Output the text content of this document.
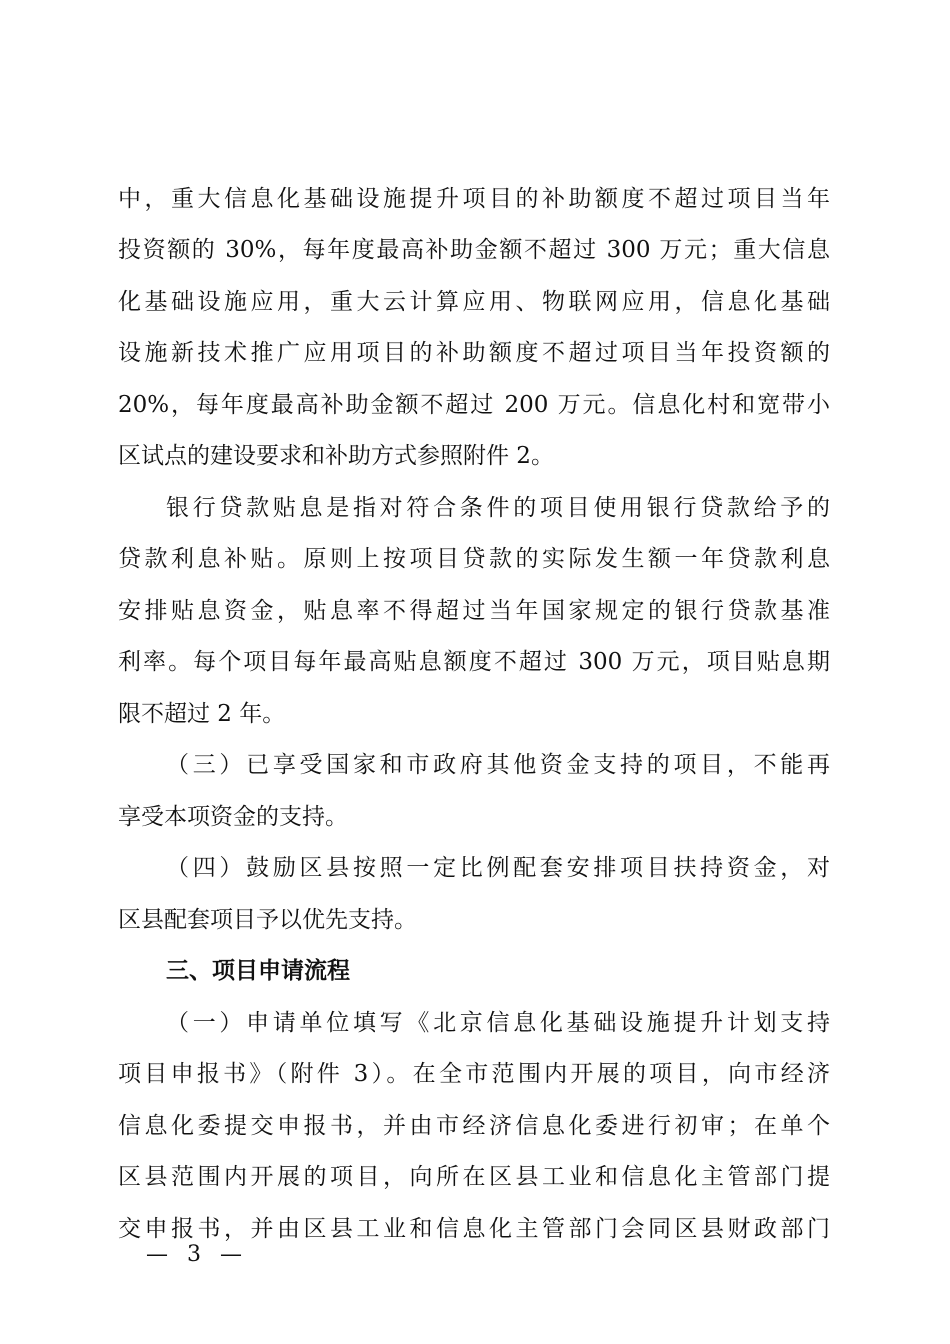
中，重大信息化基础设施提升项目的补助额度不超过项目当年
投资额的 30%，每年度最高补助金额不超过 300 万元；重大信息
化基础设施应用，重大云计算应用、物联网应用，信息化基础
设施新技术推广应用项目的补助额度不超过项目当年投资额的
20%，每年度最高补助金额不超过 200 万元。信息化村和宽带小
区试点的建设要求和补助方式参照附件 2。
银行贷款贴息是指对符合条件的项目使用银行贷款给予的
贷款利息补贴。原则上按项目贷款的实际发生额一年贷款利息
安排贴息资金，贴息率不得超过当年国家规定的银行贷款基准
利率。每个项目每年最高贴息额度不超过 300 万元，项目贴息期
限不超过 2 年。
（三）已享受国家和市政府其他资金支持的项目，不能再
享受本项资金的支持。
（四）鼓励区县按照一定比例配套安排项目扶持资金，对
区县配套项目予以优先支持。
三、项目申请流程
（一）申请单位填写《北京信息化基础设施提升计划支持
项目申报书》（附件 3）。在全市范围内开展的项目，向市经济
信息化委提交申报书，并由市经济信息化委进行初审；在单个
区县范围内开展的项目，向所在区县工业和信息化主管部门提
交申报书，并由区县工业和信息化主管部门会同区县财政部门
— 3 —
